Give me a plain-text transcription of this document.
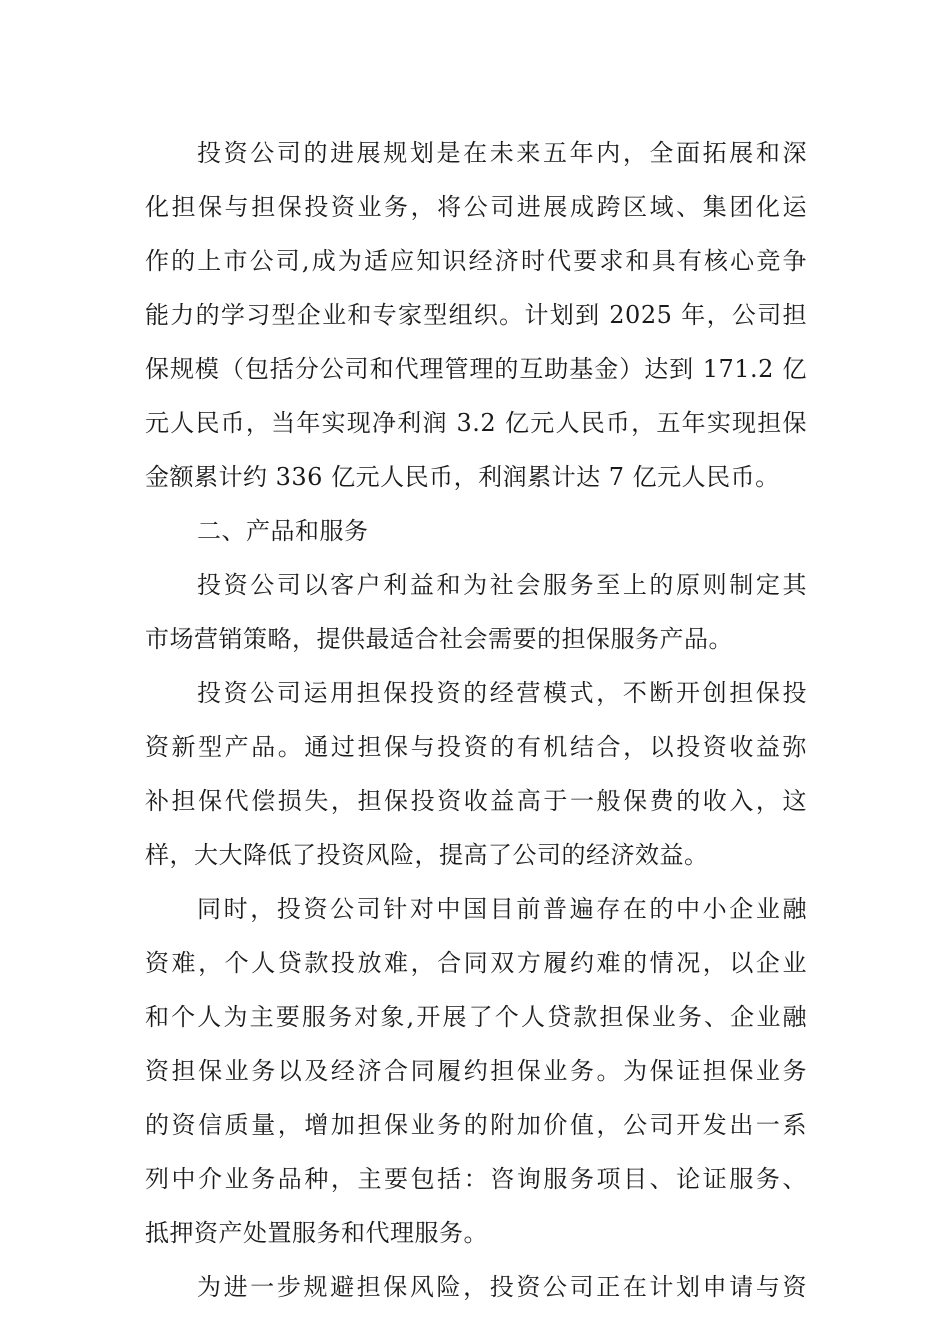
投资公司的进展规划是在未来五年内，全面拓展和深
化担保与担保投资业务，将公司进展成跨区域、集团化运
作的上市公司,成为适应知识经济时代要求和具有核心竞争
能力的学习型企业和专家型组织。计划到 2025 年，公司担
保规模（包括分公司和代理管理的互助基金）达到 171.2 亿
元人民币，当年实现净利润 3.2 亿元人民币，五年实现担保
金额累计约 336 亿元人民币，利润累计达 7 亿元人民币。
二、产品和服务
投资公司以客户利益和为社会服务至上的原则制定其
市场营销策略，提供最适合社会需要的担保服务产品。
投资公司运用担保投资的经营模式，不断开创担保投
资新型产品。通过担保与投资的有机结合，以投资收益弥
补担保代偿损失，担保投资收益高于一般保费的收入，这
样，大大降低了投资风险，提高了公司的经济效益。
同时，投资公司针对中国目前普遍存在的中小企业融
资难，个人贷款投放难，合同双方履约难的情况，以企业
和个人为主要服务对象,开展了个人贷款担保业务、企业融
资担保业务以及经济合同履约担保业务。为保证担保业务
的资信质量，增加担保业务的附加价值，公司开发出一系
列中介业务品种，主要包括：咨询服务项目、论证服务、
抵押资产处置服务和代理服务。
为进一步规避担保风险，投资公司正在计划申请与资
